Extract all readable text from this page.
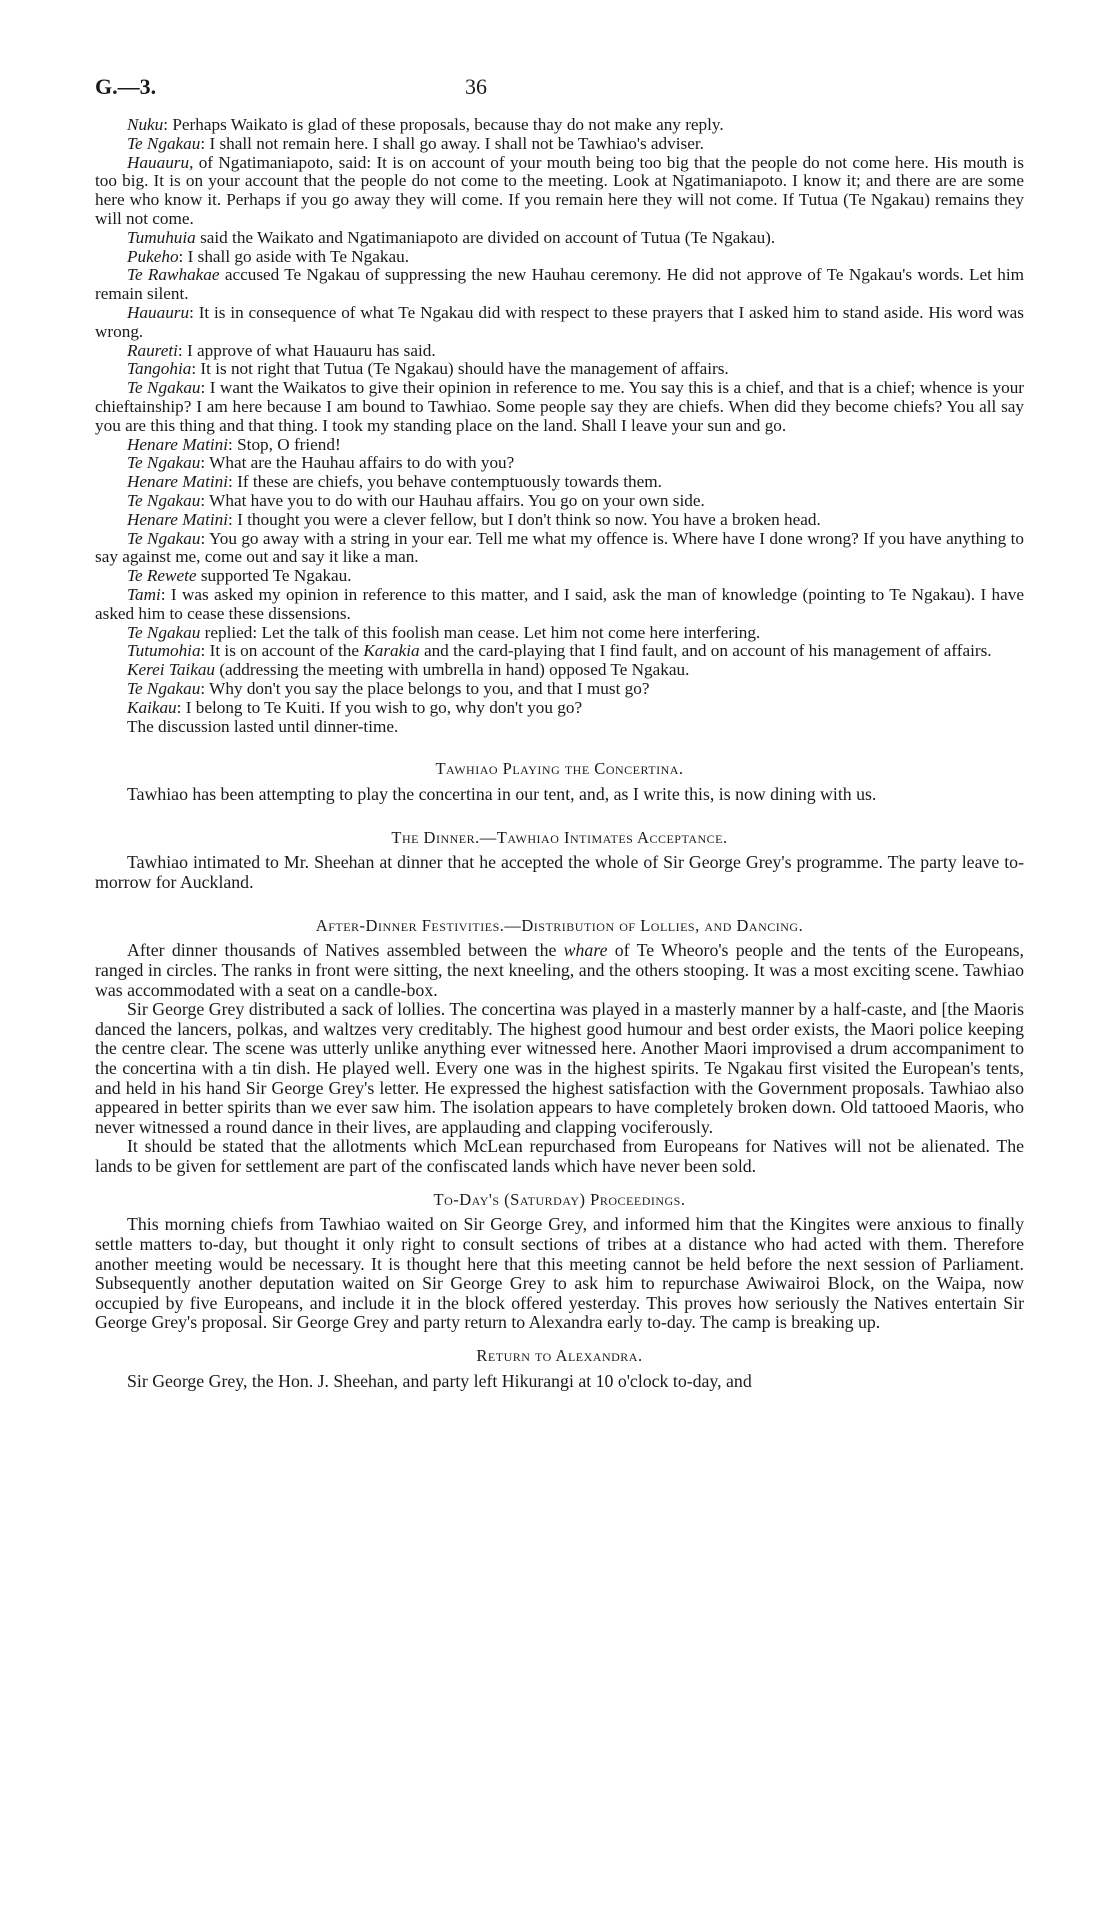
G.—3.	36

Nuku: Perhaps Waikato is glad of these proposals, because thay do not make any reply.

Te Ngakau: I shall not remain here. I shall go away. I shall not be Tawhiao's adviser.

Hauauru, of Ngatimaniapoto, said: It is on account of your mouth being too big that the people do not come here. His mouth is too big. It is on your account that the people do not come to the meeting. Look at Ngatimaniapoto. I know it; and there are are some here who know it. Perhaps if you go away they will come. If you remain here they will not come. If Tutua (Te Ngakau) remains they will not come.

Tumuhuia said the Waikato and Ngatimaniapoto are divided on account of Tutua (Te Ngakau).

Pukeho: I shall go aside with Te Ngakau.

Te Rawhakae accused Te Ngakau of suppressing the new Hauhau ceremony. He did not approve of Te Ngakau's words. Let him remain silent.

Hauauru: It is in consequence of what Te Ngakau did with respect to these prayers that I asked him to stand aside. His word was wrong.

Raureti: I approve of what Hauauru has said.

Tangohia: It is not right that Tutua (Te Ngakau) should have the management of affairs.

Te Ngakau: I want the Waikatos to give their opinion in reference to me. You say this is a chief, and that is a chief; whence is your chieftainship? I am here because I am bound to Tawhiao. Some people say they are chiefs. When did they become chiefs? You all say you are this thing and that thing. I took my standing place on the land. Shall I leave your sun and go.

Henare Matini: Stop, O friend!

Te Ngakau: What are the Hauhau affairs to do with you?

Henare Matini: If these are chiefs, you behave contemptuously towards them.

Te Ngakau: What have you to do with our Hauhau affairs. You go on your own side.

Henare Matini: I thought you were a clever fellow, but I don't think so now. You have a broken head.

Te Ngakau: You go away with a string in your ear. Tell me what my offence is. Where have I done wrong? If you have anything to say against me, come out and say it like a man.

Te Rewete supported Te Ngakau.

Tami: I was asked my opinion in reference to this matter, and I said, ask the man of knowledge (pointing to Te Ngakau). I have asked him to cease these dissensions.

Te Ngakau replied: Let the talk of this foolish man cease. Let him not come here interfering.

Tutumohia: It is on account of the Karakia and the card-playing that I find fault, and on account of his management of affairs.

Kerei Taikau (addressing the meeting with umbrella in hand) opposed Te Ngakau.

Te Ngakau: Why don't you say the place belongs to you, and that I must go?

Kaikau: I belong to Te Kuiti. If you wish to go, why don't you go?

The discussion lasted until dinner-time.

Tawhiao Playing the Concertina.

Tawhiao has been attempting to play the concertina in our tent, and, as I write this, is now dining with us.

The Dinner.—Tawhiao Intimates Acceptance.

Tawhiao intimated to Mr. Sheehan at dinner that he accepted the whole of Sir George Grey's programme. The party leave to-morrow for Auckland.

After-Dinner Festivities.—Distribution of Lollies, and Dancing.

After dinner thousands of Natives assembled between the whare of Te Wheoro's people and the tents of the Europeans, ranged in circles. The ranks in front were sitting, the next kneeling, and the others stooping. It was a most exciting scene. Tawhiao was accommodated with a seat on a candle-box.

Sir George Grey distributed a sack of lollies. The concertina was played in a masterly manner by a half-caste, and [the Maoris danced the lancers, polkas, and waltzes very creditably. The highest good humour and best order exists, the Maori police keeping the centre clear. The scene was utterly unlike anything ever witnessed here. Another Maori improvised a drum accompaniment to the concertina with a tin dish. He played well. Every one was in the highest spirits. Te Ngakau first visited the European's tents, and held in his hand Sir George Grey's letter. He expressed the highest satisfaction with the Government proposals. Tawhiao also appeared in better spirits than we ever saw him. The isolation appears to have completely broken down. Old tattooed Maoris, who never witnessed a round dance in their lives, are applauding and clapping vociferously.

It should be stated that the allotments which McLean repurchased from Europeans for Natives will not be alienated. The lands to be given for settlement are part of the confiscated lands which have never been sold.

To-Day's (Saturday) Proceedings.

This morning chiefs from Tawhiao waited on Sir George Grey, and informed him that the Kingites were anxious to finally settle matters to-day, but thought it only right to consult sections of tribes at a distance who had acted with them. Therefore another meeting would be necessary. It is thought here that this meeting cannot be held before the next session of Parliament. Subsequently another deputation waited on Sir George Grey to ask him to repurchase Awiwairoi Block, on the Waipa, now occupied by five Europeans, and include it in the block offered yesterday. This proves how seriously the Natives entertain Sir George Grey's proposal. Sir George Grey and party return to Alexandra early to-day. The camp is breaking up.

Return to Alexandra.

Sir George Grey, the Hon. J. Sheehan, and party left Hikurangi at 10 o'clock to-day, and
